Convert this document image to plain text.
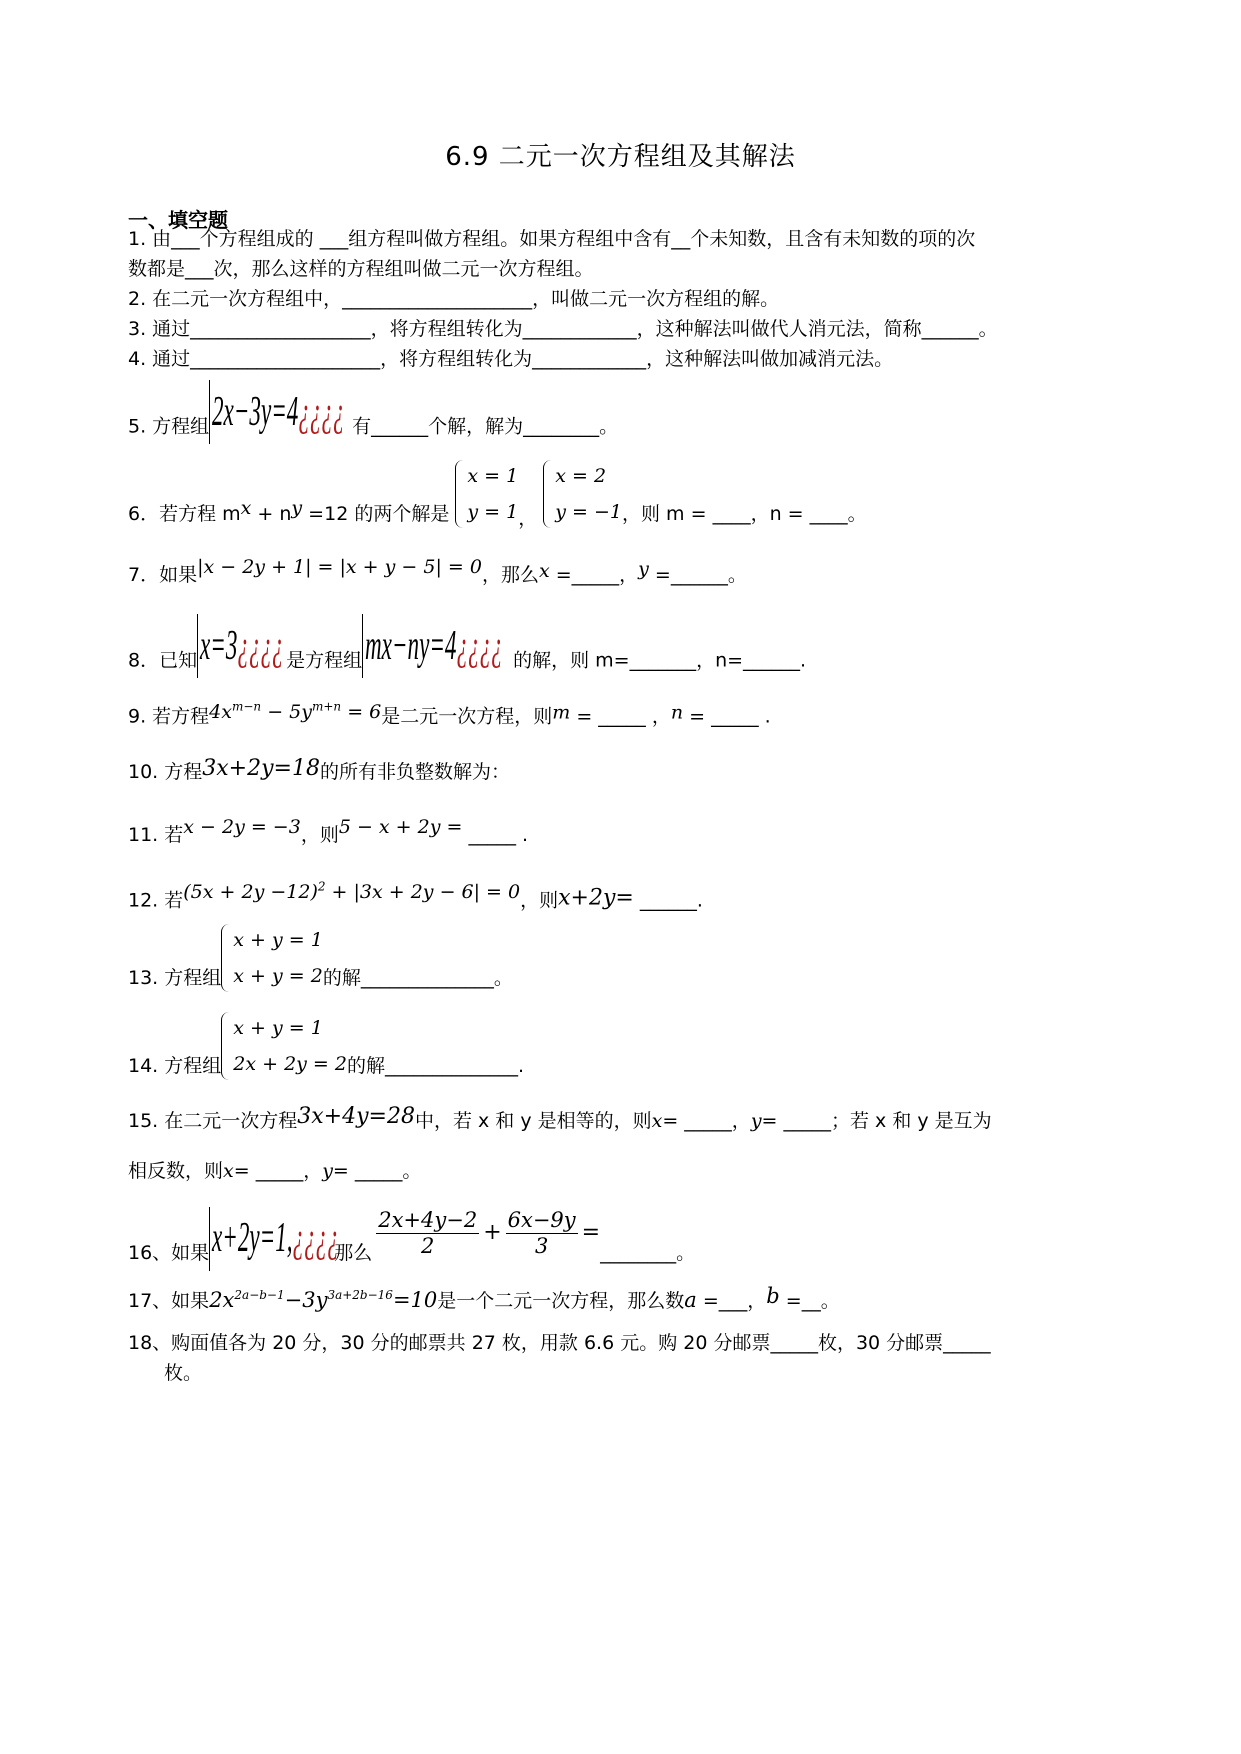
6.9 二元一次方程组及其解法
一、填空题
1. 由___个方程组成的 ___组方程叫做方程组。如果方程组中含有__个未知数，且含有未知数的项的次
数都是___次，那么这样的方程组叫做二元一次方程组。
2. 在二元一次方程组中，____________________，叫做二元一次方程组的解。
3. 通过___________________，将方程组转化为____________，这种解法叫做代人消元法，简称______。
4. 通过____________________，将方程组转化为____________，这种解法叫做加减消元法。
5. 方程组2x−3y=4¿¿¿¿ 有______个解，解为________。
6．若方程 mx + ny =12 的两个解是
x = 1
y = 1 ，
x = 2
y = −1 ，则 m = ____，n = ____。
7．如果|x − 2y + 1| = |x + y − 5| = 0，那么x =_____，y =______。
8．已知x=3¿¿¿¿ 是方程组mx−ny=4¿¿¿¿ 的解，则 m=_______，n=______.
9. 若方程$4x^{m-n} - 5y^{m+n} = 6$是二元一次方程，则m = _____ ，n = _____ .
10. 方程3x+2y=18的所有非负整数解为：
11. 若x − 2y = −3，则5 − x + 2y = _____ .
12. 若$(5x + 2y -12)^2 + |3x + 2y - 6| = 0$，则x+2y= ______.
13. 方程组
x + y = 1
x + y = 2 的解______________。
14. 方程组
x + y = 1
2x + 2y = 2 的解______________.
15. 在二元一次方程3x+4y=28中，若 x 和 y 是相等的，则x= _____，y= _____；若 x 和 y 是互为
相反数，则x= _____，y= _____。
16、如果x+2y=1,¿¿¿¿那么 $\frac{2x+4y-2}{2} + \frac{6x-9y}{3}$ =________。
17、如果$2x^{2a-b-1}-3y^{3a+2b-16}=10$是一个二元一次方程，那么数a =___，b =__。
18、购面值各为 20 分，30 分的邮票共 27 枚，用款 6.6 元。购 20 分邮票_____枚，30 分邮票_____
枚。
